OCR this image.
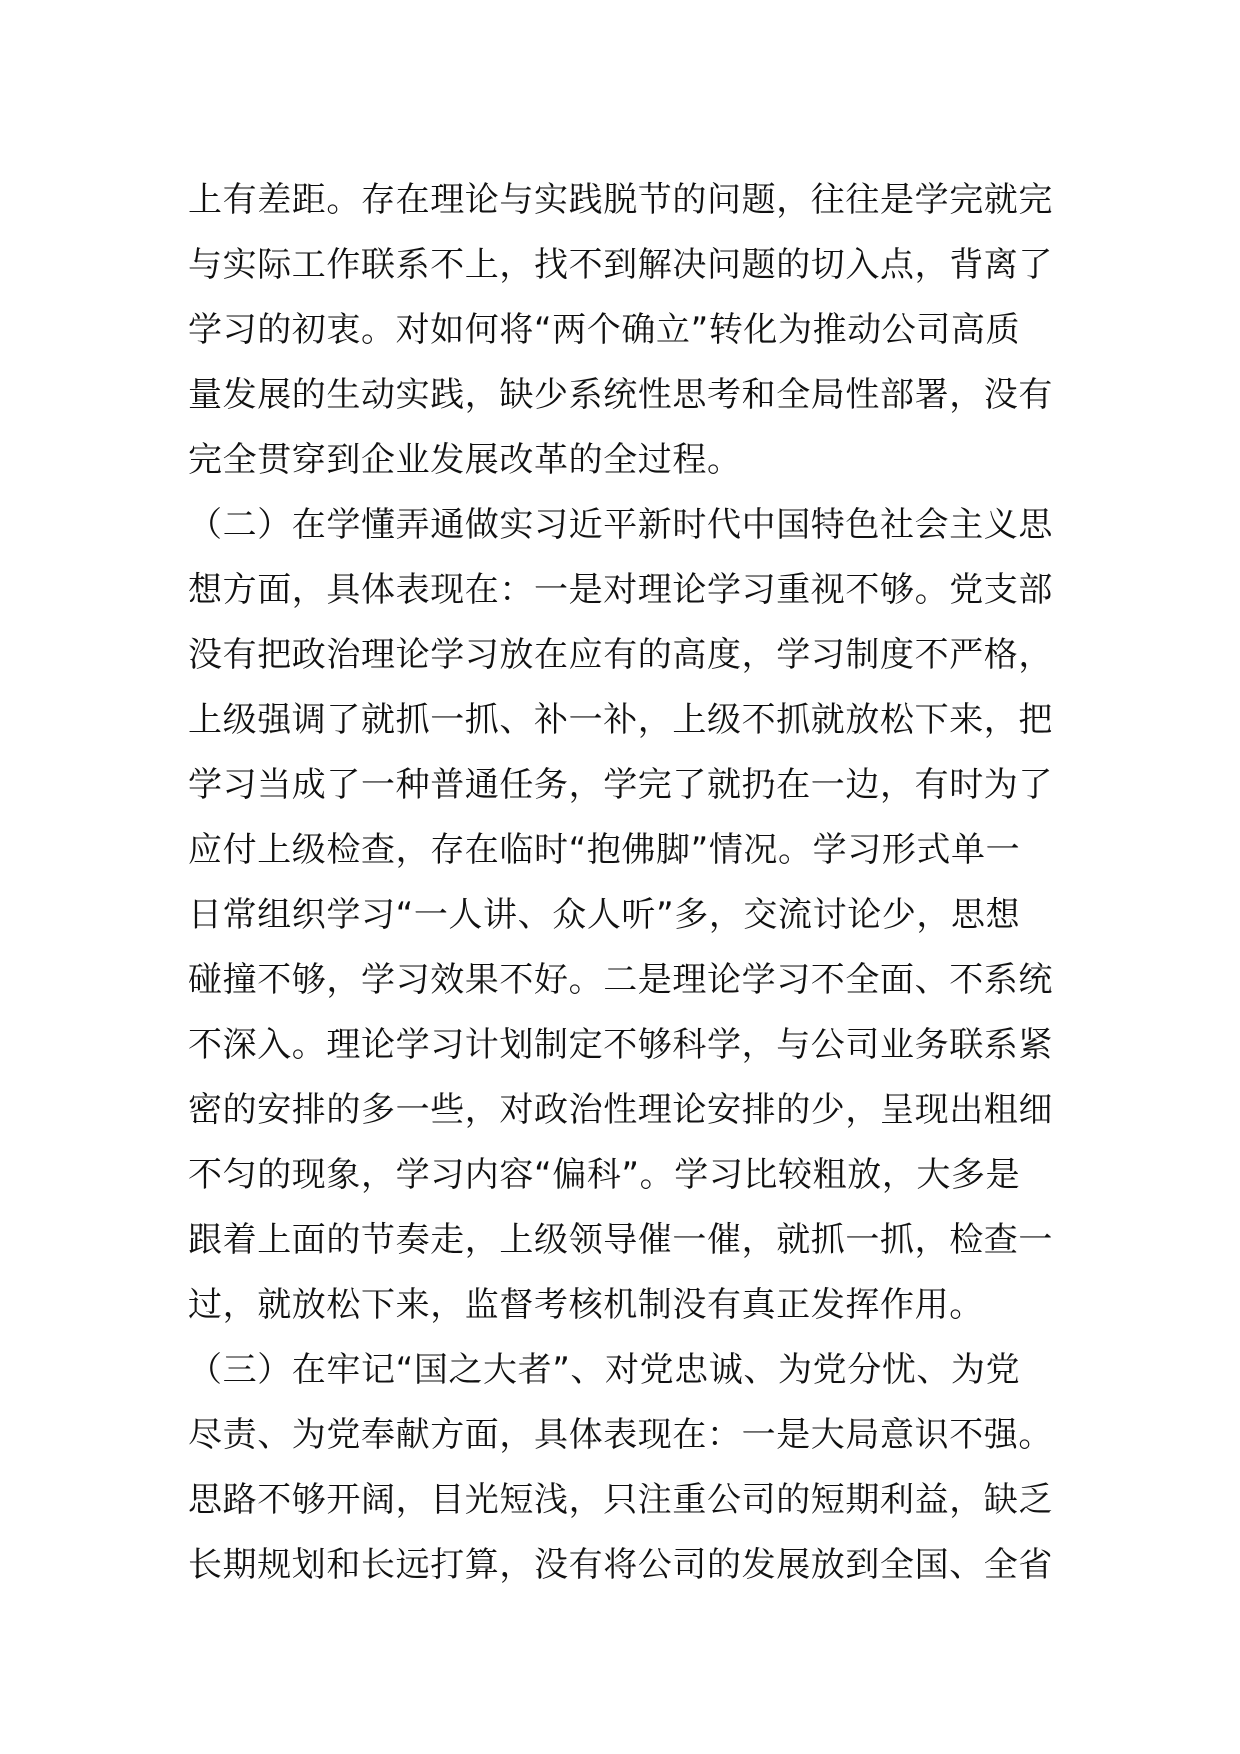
上有差距。存在理论与实践脱节的问题，往往是学完就完
与实际工作联系不上，找不到解决问题的切入点，背离了
学习的初衷。对如何将“两个确立”转化为推动公司高质
量发展的生动实践，缺少系统性思考和全局性部署，没有
完全贯穿到企业发展改革的全过程。
（二）在学懂弄通做实习近平新时代中国特色社会主义思
想方面，具体表现在：一是对理论学习重视不够。党支部
没有把政治理论学习放在应有的高度，学习制度不严格，
上级强调了就抓一抓、补一补，上级不抓就放松下来，把
学习当成了一种普通任务，学完了就扔在一边，有时为了
应付上级检查，存在临时“抱佛脚”情况。学习形式单一
日常组织学习“一人讲、众人听”多，交流讨论少，思想
碰撞不够，学习效果不好。二是理论学习不全面、不系统
不深入。理论学习计划制定不够科学，与公司业务联系紧
密的安排的多一些，对政治性理论安排的少，呈现出粗细
不匀的现象，学习内容“偏科”。学习比较粗放，大多是
跟着上面的节奏走，上级领导催一催，就抓一抓，检查一
过，就放松下来，监督考核机制没有真正发挥作用。
（三）在牢记“国之大者”、对党忠诚、为党分忧、为党
尽责、为党奉献方面，具体表现在：一是大局意识不强。
思路不够开阔，目光短浅，只注重公司的短期利益，缺乏
长期规划和长远打算，没有将公司的发展放到全国、全省
